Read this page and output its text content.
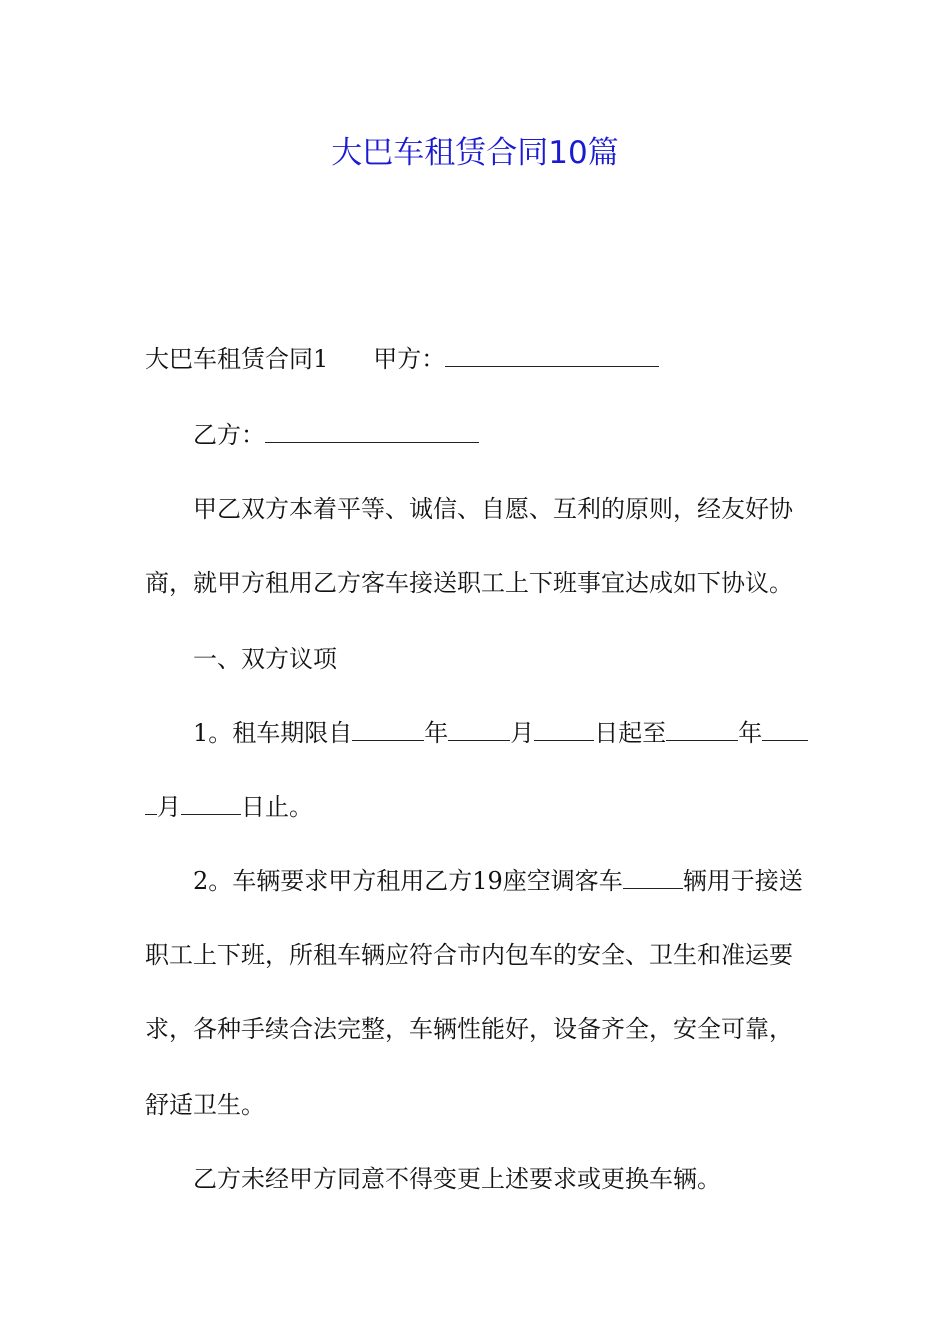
大巴车租赁合同10篇
大巴车租赁合同1 甲方：
乙方：
甲乙双方本着平等、诚信、自愿、互利的原则，经友好协
商，就甲方租用乙方客车接送职工上下班事宜达成如下协议。
一、双方议项
1。租车期限自	年	月	日起至	年
月	日止。
2。车辆要求甲方租用乙方19座空调客车	辆用于接送
职工上下班，所租车辆应符合市内包车的安全、卫生和准运要
求，各种手续合法完整，车辆性能好，设备齐全，安全可靠，
舒适卫生。
乙方未经甲方同意不得变更上述要求或更换车辆。
